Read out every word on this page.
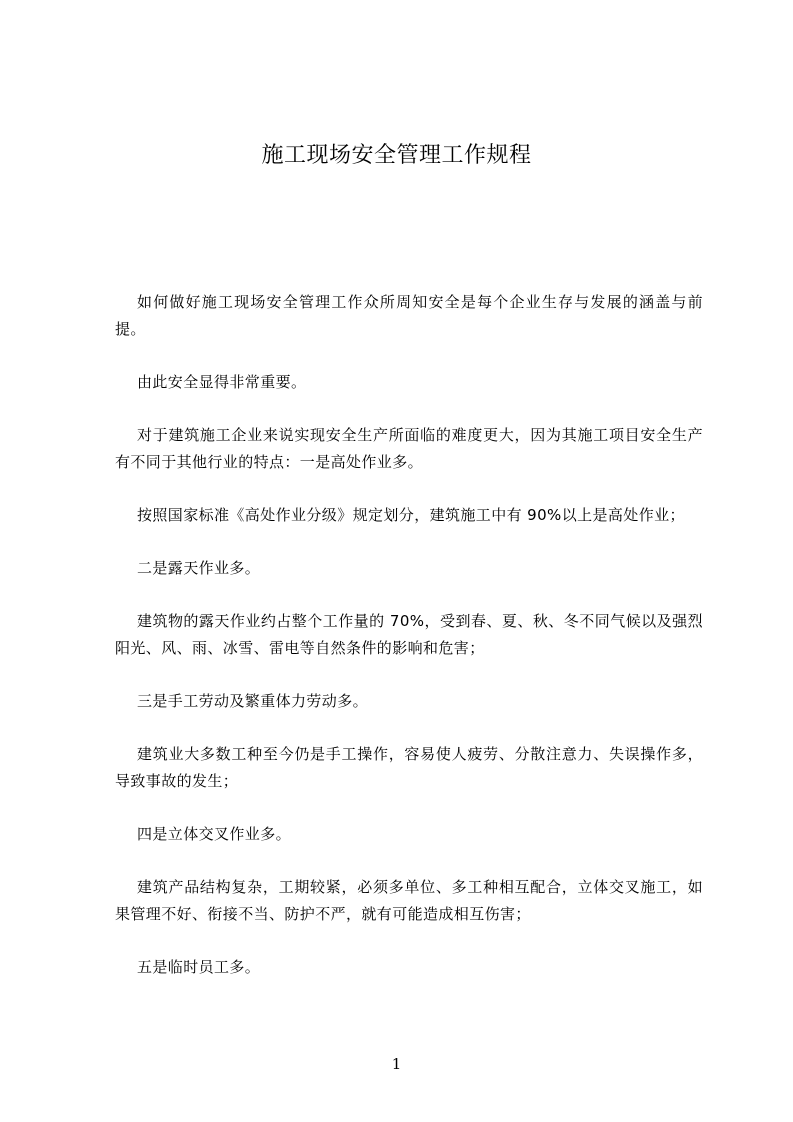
施工现场安全管理工作规程

如何做好施工现场安全管理工作众所周知安全是每个企业生存与发展的涵盖与前提。

由此安全显得非常重要。

对于建筑施工企业来说实现安全生产所面临的难度更大，因为其施工项目安全生产有不同于其他行业的特点：一是高处作业多。

按照国家标准《高处作业分级》规定划分，建筑施工中有 90%以上是高处作业；

二是露天作业多。

建筑物的露天作业约占整个工作量的 70%，受到春、夏、秋、冬不同气候以及强烈阳光、风、雨、冰雪、雷电等自然条件的影响和危害；

三是手工劳动及繁重体力劳动多。

建筑业大多数工种至今仍是手工操作，容易使人疲劳、分散注意力、失误操作多，导致事故的发生；

四是立体交叉作业多。

建筑产品结构复杂，工期较紧，必须多单位、多工种相互配合，立体交叉施工，如果管理不好、衔接不当、防护不严，就有可能造成相互伤害；

五是临时员工多。

1
